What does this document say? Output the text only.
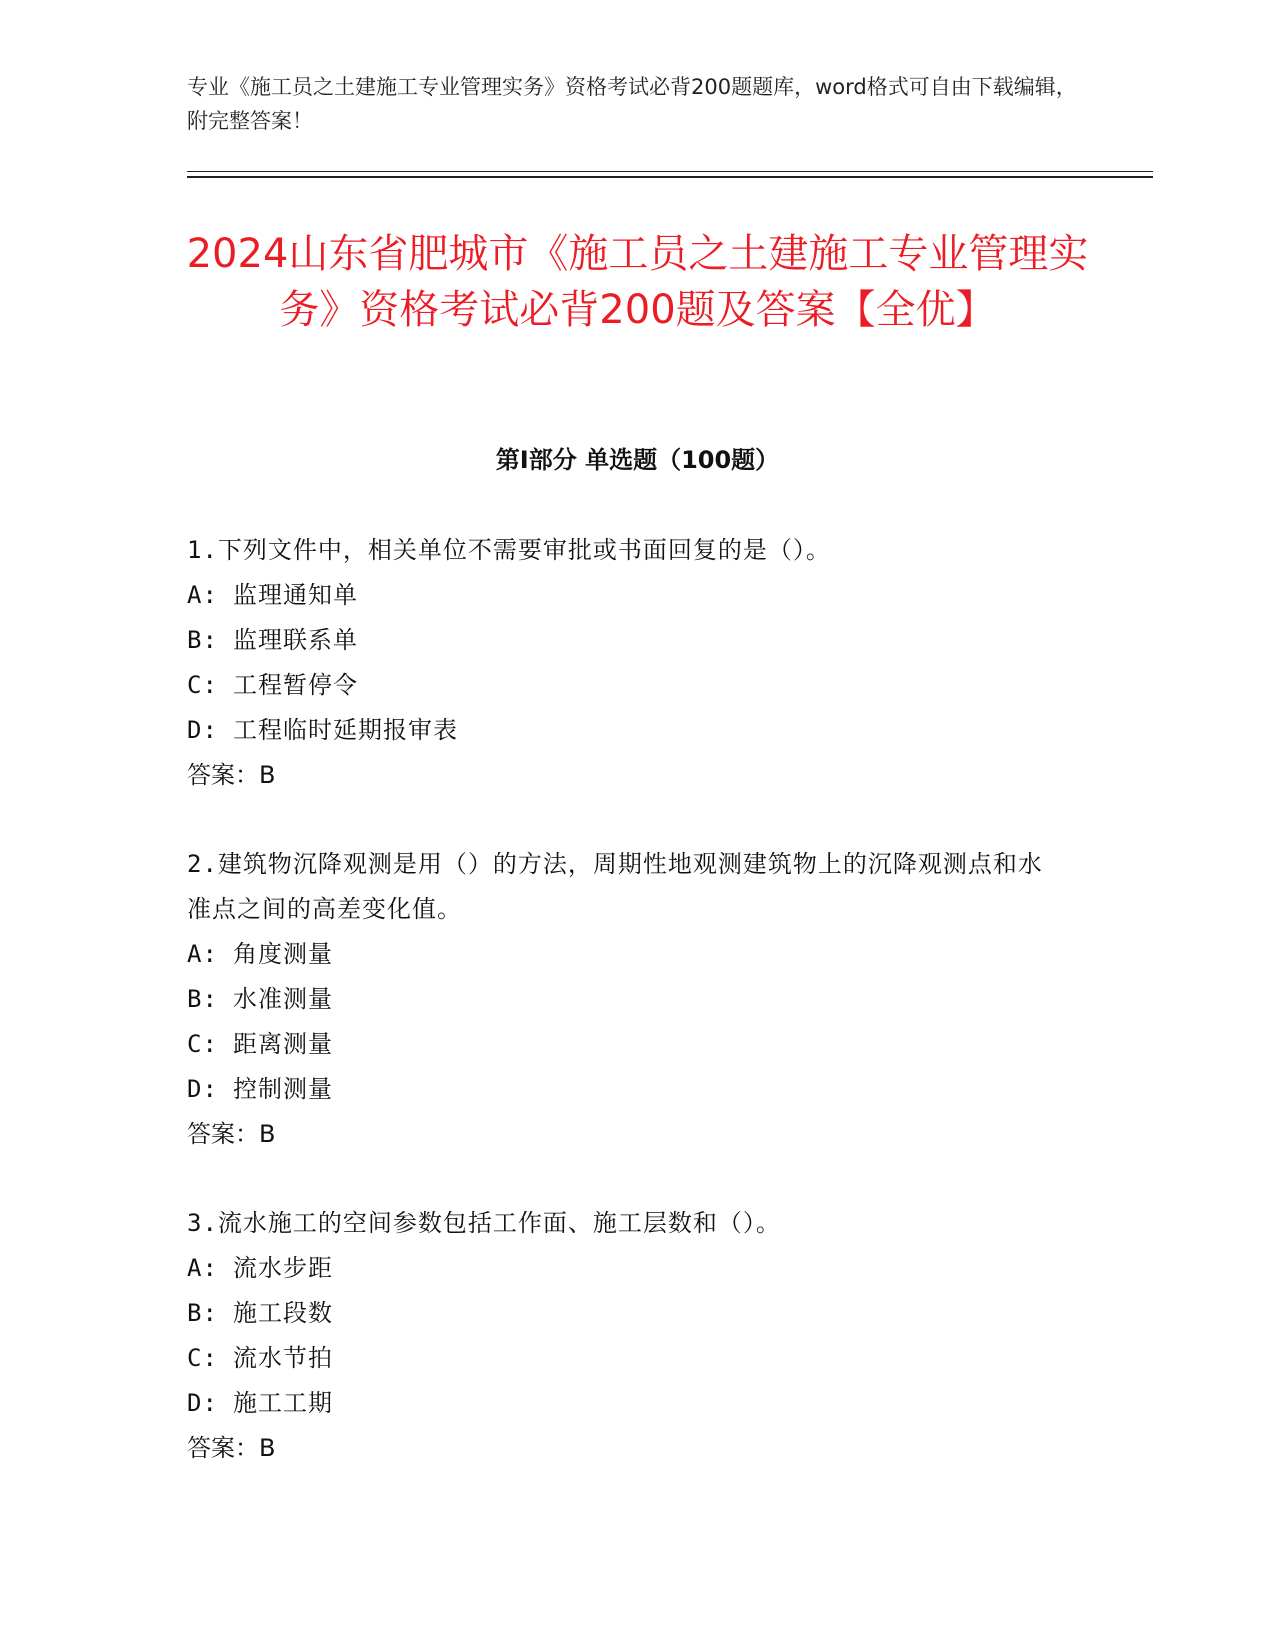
专业《施工员之土建施工专业管理实务》资格考试必背200题题库，word格式可自由下载编辑，附完整答案！
2024山东省肥城市《施工员之土建施工专业管理实务》资格考试必背200题及答案【全优】
第Ⅰ部分 单选题（100题）
1.下列文件中，相关单位不需要审批或书面回复的是（）。
A: 监理通知单
B: 监理联系单
C: 工程暂停令
D: 工程临时延期报审表
答案：B
2.建筑物沉降观测是用（）的方法，周期性地观测建筑物上的沉降观测点和水准点之间的高差变化值。
A: 角度测量
B: 水准测量
C: 距离测量
D: 控制测量
答案：B
3.流水施工的空间参数包括工作面、施工层数和（）。
A: 流水步距
B: 施工段数
C: 流水节拍
D: 施工工期
答案：B
